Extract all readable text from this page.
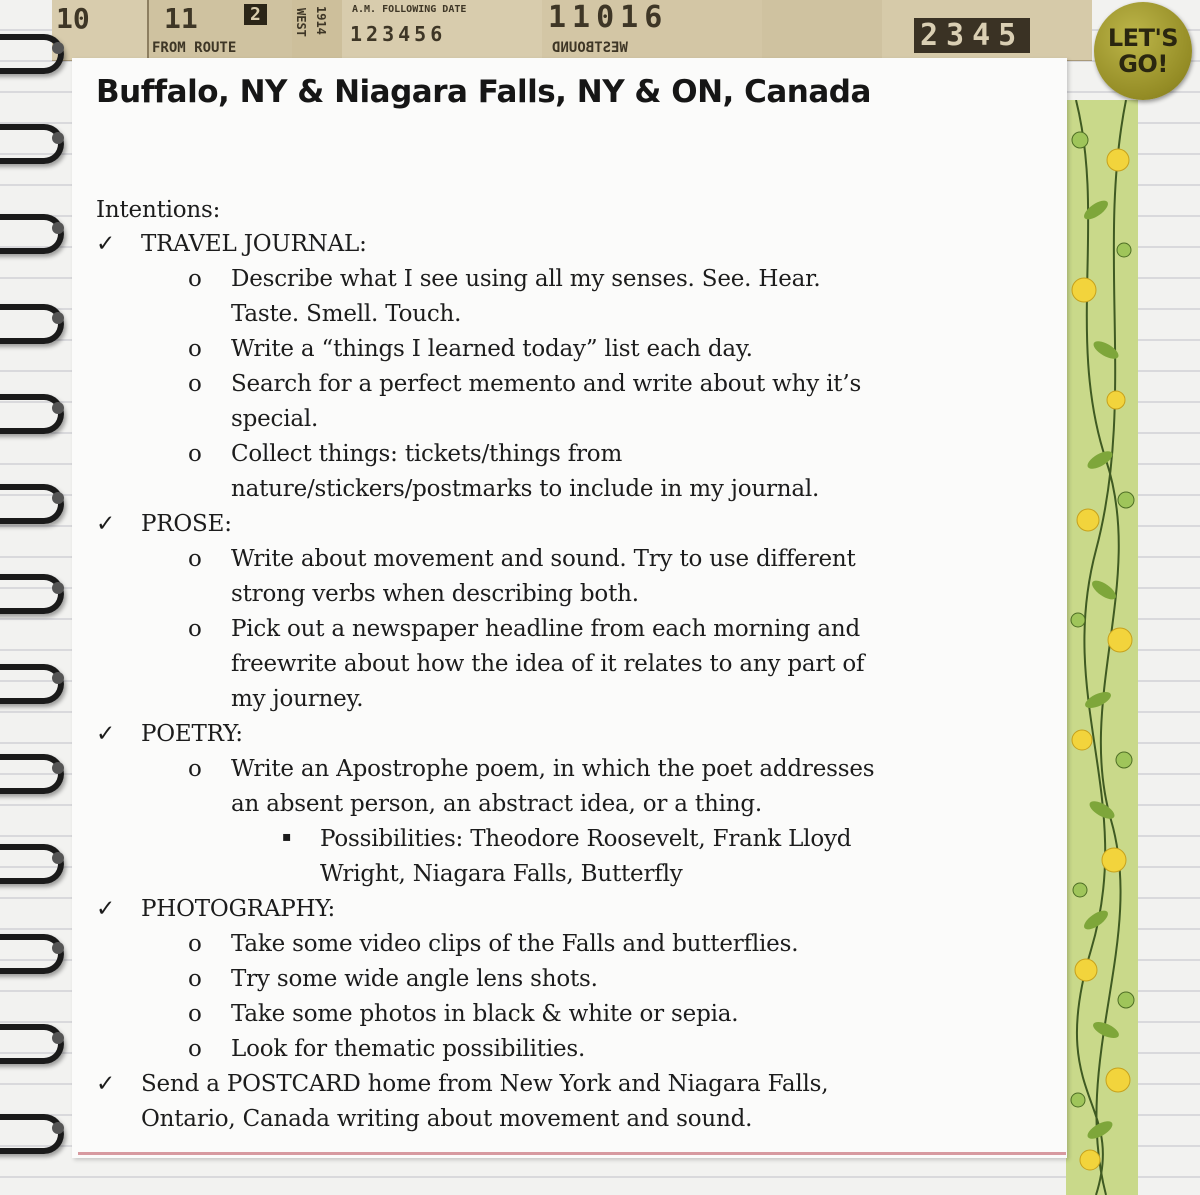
10	11	2
FROM ROUTE
WEST 1914 A.M. FOLLOWING DATE
123456	11016
WESTBOUND	2345	LET'S
GO!
Buffalo, NY & Niagara Falls, NY & ON, Canada
Intentions:
✓ TRAVEL JOURNAL:
o Describe what I see using all my senses. See. Hear.
Taste. Smell. Touch.
o Write a “things I learned today” list each day.
o Search for a perfect memento and write about why it’s
special.
o Collect things: tickets/things from
nature/stickers/postmarks to include in my journal.
✓ PROSE:
o Write about movement and sound. Try to use different
strong verbs when describing both.
o Pick out a newspaper headline from each morning and
freewrite about how the idea of it relates to any part of
my journey.
✓ POETRY:
o Write an Apostrophe poem, in which the poet addresses
an absent person, an abstract idea, or a thing.
▪ Possibilities: Theodore Roosevelt, Frank Lloyd
Wright, Niagara Falls, Butterfly
✓ PHOTOGRAPHY:
o Take some video clips of the Falls and butterflies.
o Try some wide angle lens shots.
o Take some photos in black & white or sepia.
o Look for thematic possibilities.
✓ Send a POSTCARD home from New York and Niagara Falls,
Ontario, Canada writing about movement and sound.
